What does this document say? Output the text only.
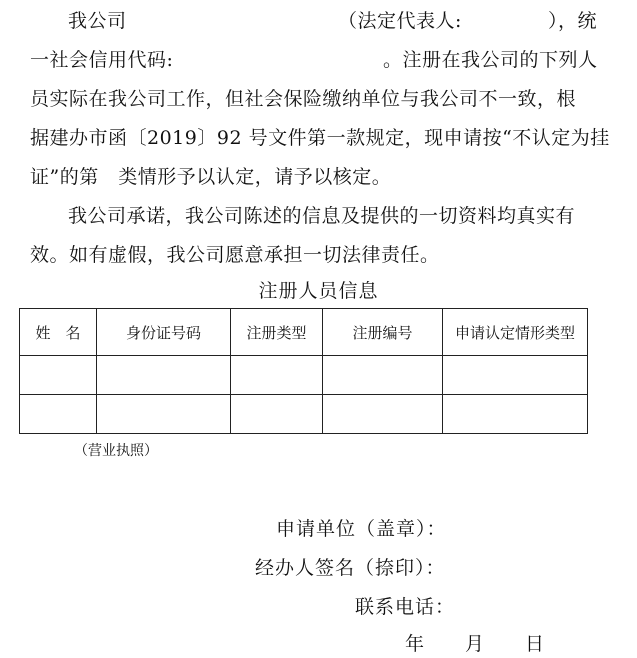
我公司	（法定代表人:	），统
一社会信用代码:	。注册在我公司的下列人
员实际在我公司工作，但社会保险缴纳单位与我公司不一致，根
据建办市函〔2019〕92 号文件第一款规定，现申请按“不认定为挂
证”的第　类情形予以认定，请予以核定。
我公司承诺，我公司陈述的信息及提供的一切资料均真实有
效。如有虚假，我公司愿意承担一切法律责任。
注册人员信息
姓　名	身份证号码	注册类型	注册编号	申请认定情形类型

（营业执照）
申请单位（盖章）：
经办人签名（捺印）：
联系电话：
年　　月　　日
